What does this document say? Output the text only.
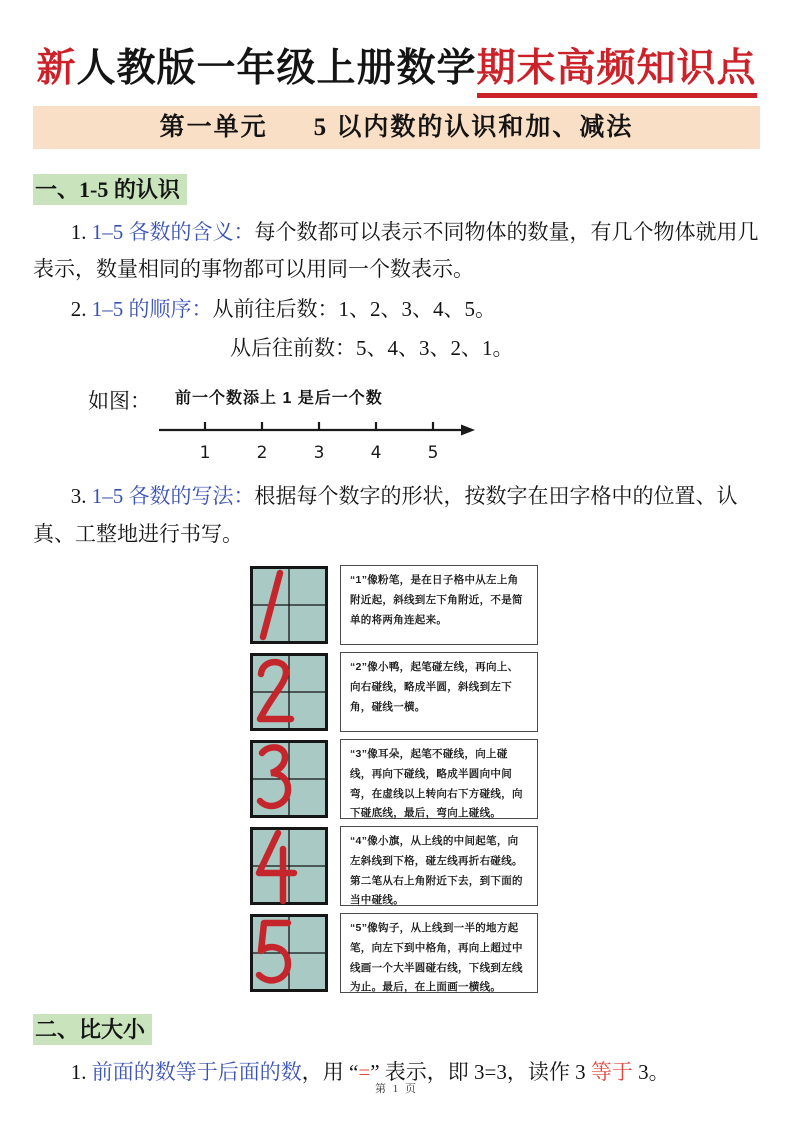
新人教版一年级上册数学期末高频知识点
第一单元 5 以内数的认识和加、减法
一、1-5 的认识

1. 1–5 各数的含义：每个数都可以表示不同物体的数量，有几个物体就用几表示，数量相同的事物都可以用同一个数表示。

2. 1–5 的顺序：从前往后数：1、2、3、4、5。

从后往前数：5、4、3、2、1。

如图： 前一个数添上 1 是后一个数
1	2	3	4	5

3. 1–5 各数的写法：根据每个数字的形状，按数字在田字格中的位置、认真、工整地进行书写。

“1”像粉笔，是在日子格中从左上角附近起，斜线到左下角附近，不是简单的将两角连起来。
“2”像小鸭，起笔碰左线，再向上、向右碰线，略成半圆，斜线到左下角，碰线一横。
“3”像耳朵，起笔不碰线，向上碰线，再向下碰线，略成半圆向中间弯，在虚线以上转向右下方碰线，向下碰底线，最后，弯向上碰线。
“4”像小旗，从上线的中间起笔，向左斜线到下格，碰左线再折右碰线。第二笔从右上角附近下去，到下面的当中碰线。
“5”像钩子，从上线到一半的地方起笔，向左下到中格角，再向上超过中线画一个大半圆碰右线，下线到左线为止。最后，在上面画一横线。
二、比大小

1. 前面的数等于后面的数，用 “=” 表示，即 3=3，读作 3 等于 3。

第 1 页
